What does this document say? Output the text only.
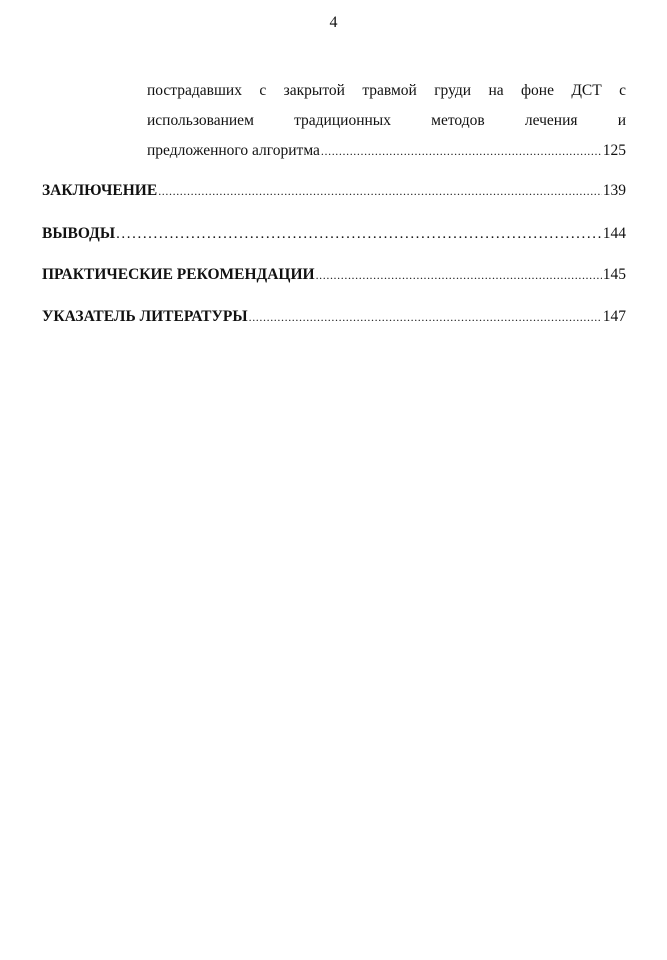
4
пострадавших с закрытой травмой груди на фоне ДСТ с
использованием традиционных методов лечения и
предложенного алгоритма .....	125
ЗАКЛЮЧЕНИЕ .....	139
ВЫВОДЫ .....	144
ПРАКТИЧЕСКИЕ РЕКОМЕНДАЦИИ .....	145
УКАЗАТЕЛЬ ЛИТЕРАТУРЫ .....	147
